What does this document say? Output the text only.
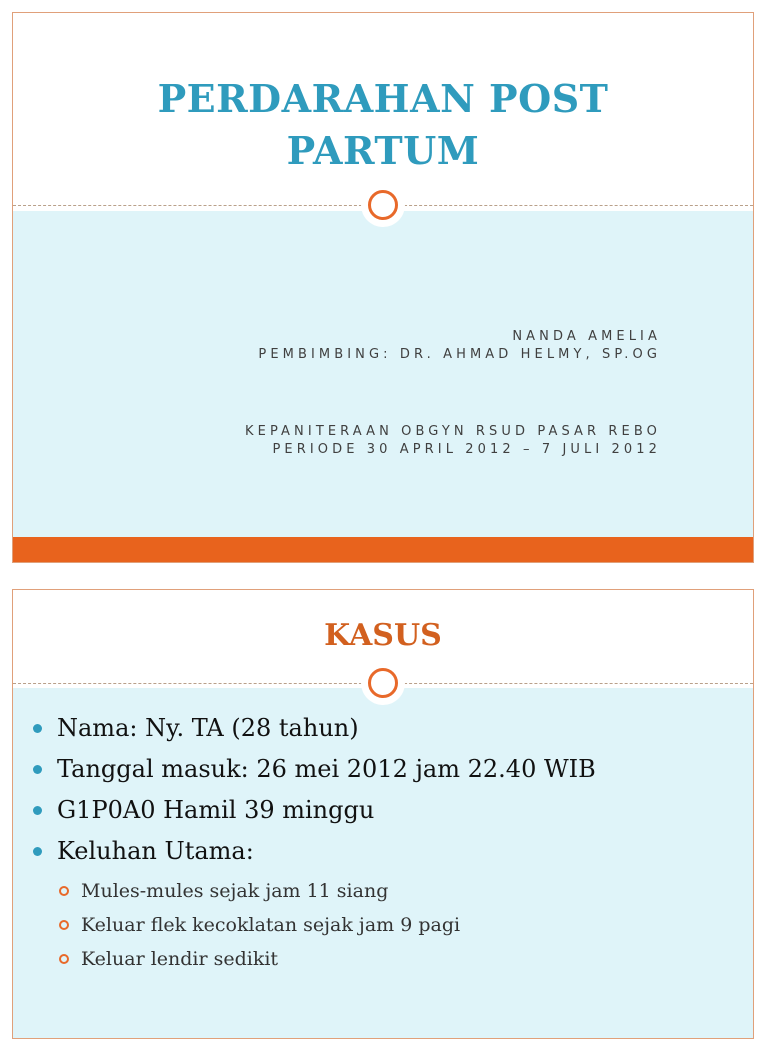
PERDARAHAN POST
PARTUM
NANDA AMELIA
PEMBIMBING: DR. AHMAD HELMY, SP.OG
KEPANITERAAN OBGYN RSUD PASAR REBO
PERIODE 30 APRIL 2012 – 7 JULI 2012
KASUS
Nama: Ny. TA (28 tahun)
Tanggal masuk: 26 mei 2012 jam 22.40 WIB
G1P0A0 Hamil 39 minggu
Keluhan Utama:
Mules-mules sejak jam 11 siang
Keluar flek kecoklatan sejak jam 9 pagi
Keluar lendir sedikit
